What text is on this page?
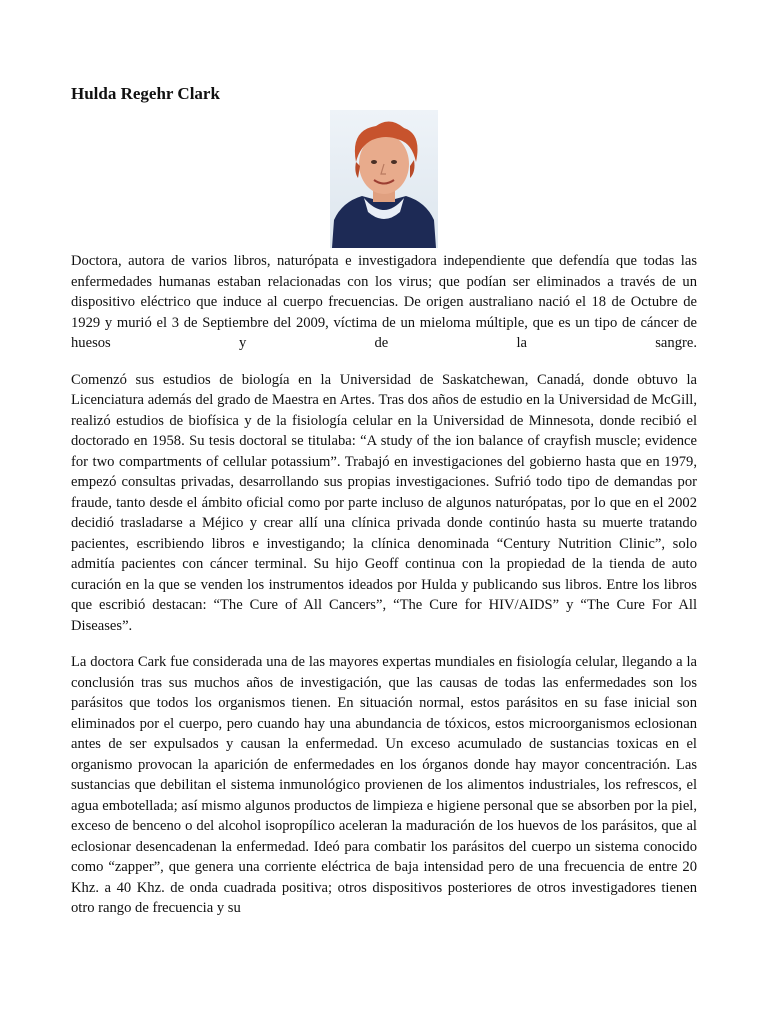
Hulda Regehr Clark

Doctora, autora de varios libros, naturópata e investigadora independiente que defendía que todas las enfermedades humanas estaban relacionadas con los virus; que podían ser eliminados a través de un dispositivo eléctrico que induce al cuerpo frecuencias. De origen australiano nació el 18 de Octubre de 1929 y murió el 3 de Septiembre del 2009, víctima de un mieloma múltiple, que es un tipo de cáncer de huesos y de la sangre.

Comenzó sus estudios de biología en la Universidad de Saskatchewan, Canadá, donde obtuvo la Licenciatura además del grado de Maestra en Artes. Tras dos años de estudio en la Universidad de McGill, realizó estudios de biofísica y de la fisiología celular en la Universidad de Minnesota, donde recibió el doctorado en 1958. Su tesis doctoral se titulaba: “A study of the ion balance of crayfish muscle; evidence for two compartments of cellular potassium”. Trabajó en investigaciones del gobierno hasta que en 1979, empezó consultas privadas, desarrollando sus propias investigaciones. Sufrió todo tipo de demandas por fraude, tanto desde el ámbito oficial como por parte incluso de algunos naturópatas, por lo que en el 2002 decidió trasladarse a Méjico y crear allí una clínica privada donde continúo hasta su muerte tratando pacientes, escribiendo libros e investigando; la clínica denominada “Century Nutrition Clinic”, solo admitía pacientes con cáncer terminal. Su hijo Geoff continua con la propiedad de la tienda de auto curación en la que se venden los instrumentos ideados por Hulda y publicando sus libros. Entre los libros que escribió destacan: “The Cure of All Cancers”, “The Cure for HIV/AIDS” y “The Cure For All Diseases”.

La doctora Cark fue considerada una de las mayores expertas mundiales en fisiología celular, llegando a la conclusión tras sus muchos años de investigación, que las causas de todas las enfermedades son los parásitos que todos los organismos tienen. En situación normal, estos parásitos en su fase inicial son eliminados por el cuerpo, pero cuando hay una abundancia de tóxicos, estos microorganismos eclosionan antes de ser expulsados y causan la enfermedad. Un exceso acumulado de sustancias toxicas en el organismo provocan la aparición de enfermedades en los órganos donde hay mayor concentración. Las sustancias que debilitan el sistema inmunológico provienen de los alimentos industriales, los refrescos, el agua embotellada; así mismo algunos productos de limpieza e higiene personal que se absorben por la piel, exceso de benceno o del alcohol isopropílico aceleran la maduración de los huevos de los parásitos, que al eclosionar desencadenan la enfermedad. Ideó para combatir los parásitos del cuerpo un sistema conocido como “zapper”, que genera una corriente eléctrica de baja intensidad pero de una frecuencia de entre 20 Khz. a 40 Khz. de onda cuadrada positiva; otros dispositivos posteriores de otros investigadores tienen otro rango de frecuencia y su
